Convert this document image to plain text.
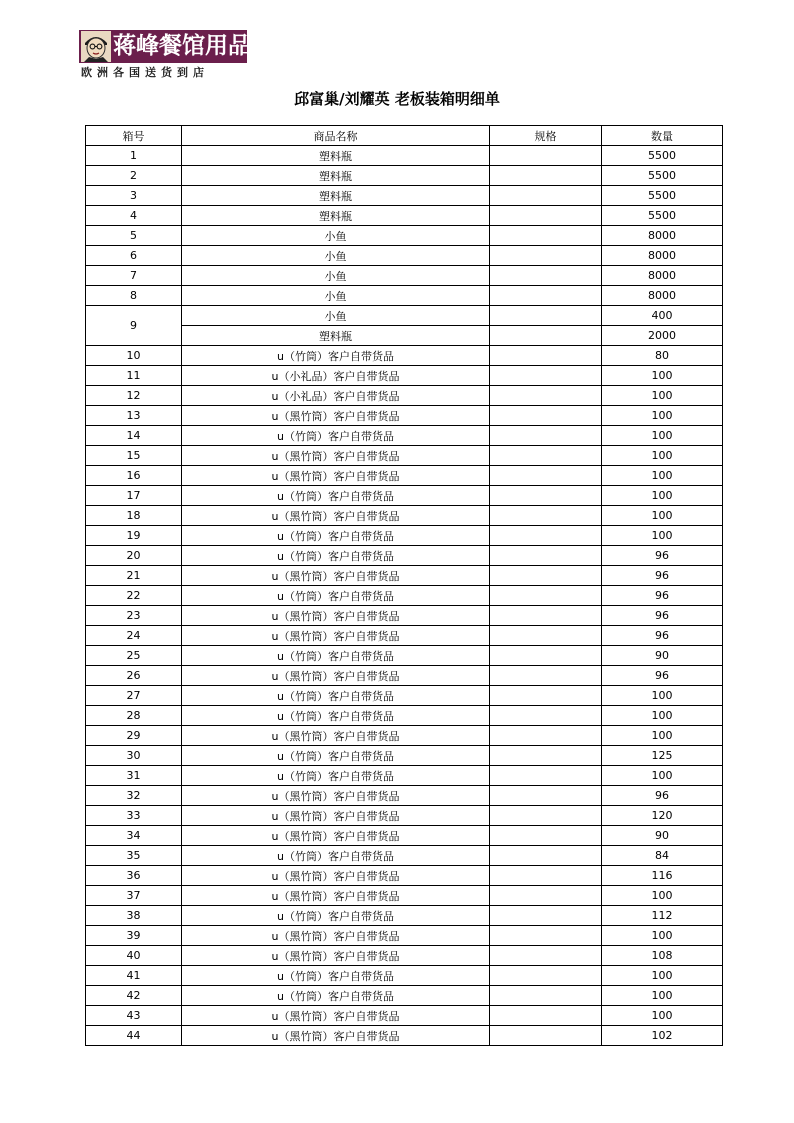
蒋峰餐馆用品
欧洲各国送货到店
邱富巢/刘耀英 老板装箱明细单
箱号	商品名称	规格	数量
1	塑料瓶		5500
2	塑料瓶		5500
3	塑料瓶		5500
4	塑料瓶		5500
5	小鱼		8000
6	小鱼		8000
7	小鱼		8000
8	小鱼		8000
9	小鱼		400
	塑料瓶		2000
10	u（竹筒）客户自带货品		80
11	u（小礼品）客户自带货品		100
12	u（小礼品）客户自带货品		100
13	u（黑竹筒）客户自带货品		100
14	u（竹筒）客户自带货品		100
15	u（黑竹筒）客户自带货品		100
16	u（黑竹筒）客户自带货品		100
17	u（竹筒）客户自带货品		100
18	u（黑竹筒）客户自带货品		100
19	u（竹筒）客户自带货品		100
20	u（竹筒）客户自带货品		96
21	u（黑竹筒）客户自带货品		96
22	u（竹筒）客户自带货品		96
23	u（黑竹筒）客户自带货品		96
24	u（黑竹筒）客户自带货品		96
25	u（竹筒）客户自带货品		90
26	u（黑竹筒）客户自带货品		96
27	u（竹筒）客户自带货品		100
28	u（竹筒）客户自带货品		100
29	u（黑竹筒）客户自带货品		100
30	u（竹筒）客户自带货品		125
31	u（竹筒）客户自带货品		100
32	u（黑竹筒）客户自带货品		96
33	u（黑竹筒）客户自带货品		120
34	u（黑竹筒）客户自带货品		90
35	u（竹筒）客户自带货品		84
36	u（黑竹筒）客户自带货品		116
37	u（黑竹筒）客户自带货品		100
38	u（竹筒）客户自带货品		112
39	u（黑竹筒）客户自带货品		100
40	u（黑竹筒）客户自带货品		108
41	u（竹筒）客户自带货品		100
42	u（竹筒）客户自带货品		100
43	u（黑竹筒）客户自带货品		100
44	u（黑竹筒）客户自带货品		102
